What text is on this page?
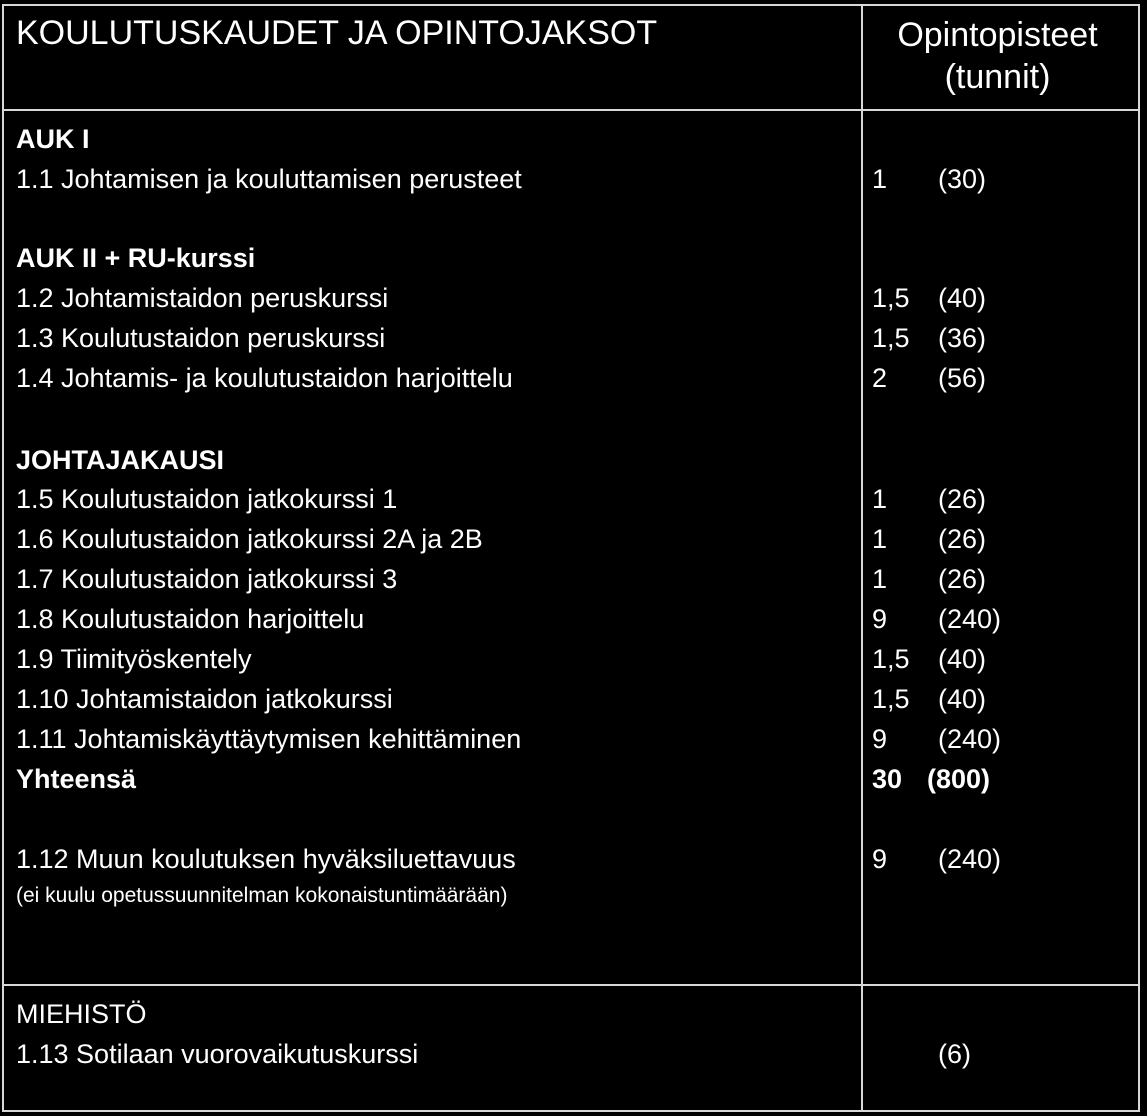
KOULUTUSKAUDET JA OPINTOJAKSOT	Opintopisteet
(tunnit)
AUK I
1.1 Johtamisen ja kouluttamisen perusteet	1 (30)
AUK II + RU-kurssi
1.2 Johtamistaidon peruskurssi	1,5 (40)
1.3 Koulutustaidon peruskurssi	1,5 (36)
1.4 Johtamis- ja koulutustaidon harjoittelu	2 (56)
JOHTAJAKAUSI
1.5 Koulutustaidon jatkokurssi 1	1 (26)
1.6 Koulutustaidon jatkokurssi 2A ja 2B	1 (26)
1.7 Koulutustaidon jatkokurssi 3	1 (26)
1.8 Koulutustaidon harjoittelu	9 (240)
1.9 Tiimityöskentely	1,5 (40)
1.10 Johtamistaidon jatkokurssi	1,5 (40)
1.11 Johtamiskäyttäytymisen kehittäminen	9 (240)
Yhteensä	30 (800)
1.12 Muun koulutuksen hyväksiluettavuus	9 (240)
(ei kuulu opetussuunnitelman kokonaistuntimäärään)
MIEHISTÖ
1.13 Sotilaan vuorovaikutuskurssi	(6)
